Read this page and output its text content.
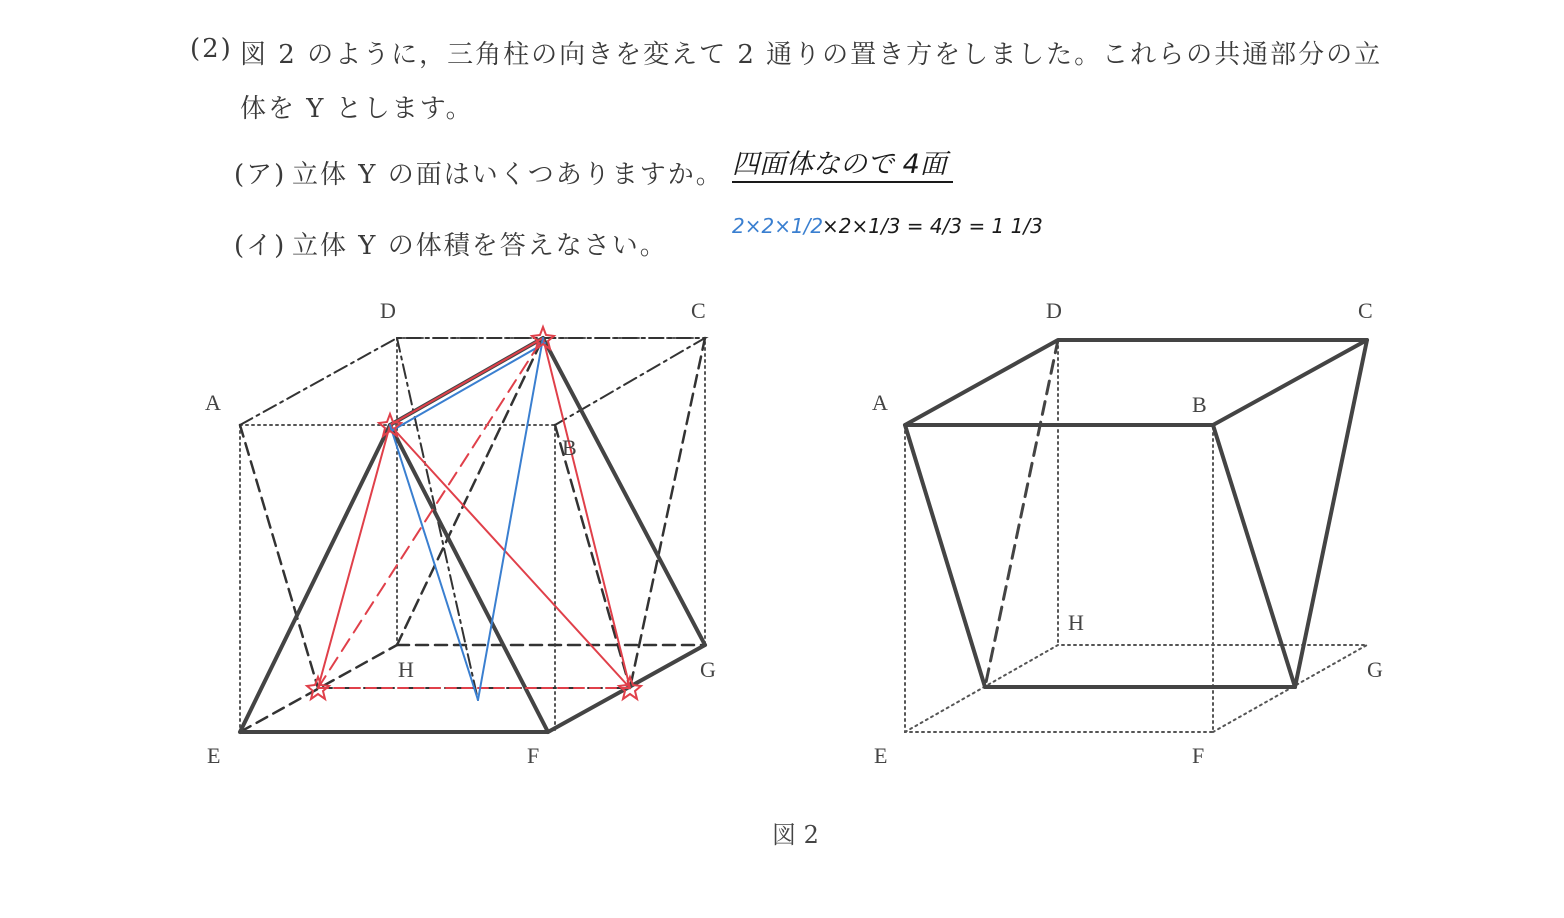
(2) 図 2 のように，三角柱の向きを変えて 2 通りの置き方をしました。これらの共通部分の立
体を Y とします。
(ア) 立体 Y の面はいくつありますか。 四面体なので 4面
(イ) 立体 Y の体積を答えなさい。
2×2×1/2
×2×1/3 = 4/3 = 1 1/3
A
B
C
D
E	F
G
H
A	B
C
D
E	F
G
H
図 2
